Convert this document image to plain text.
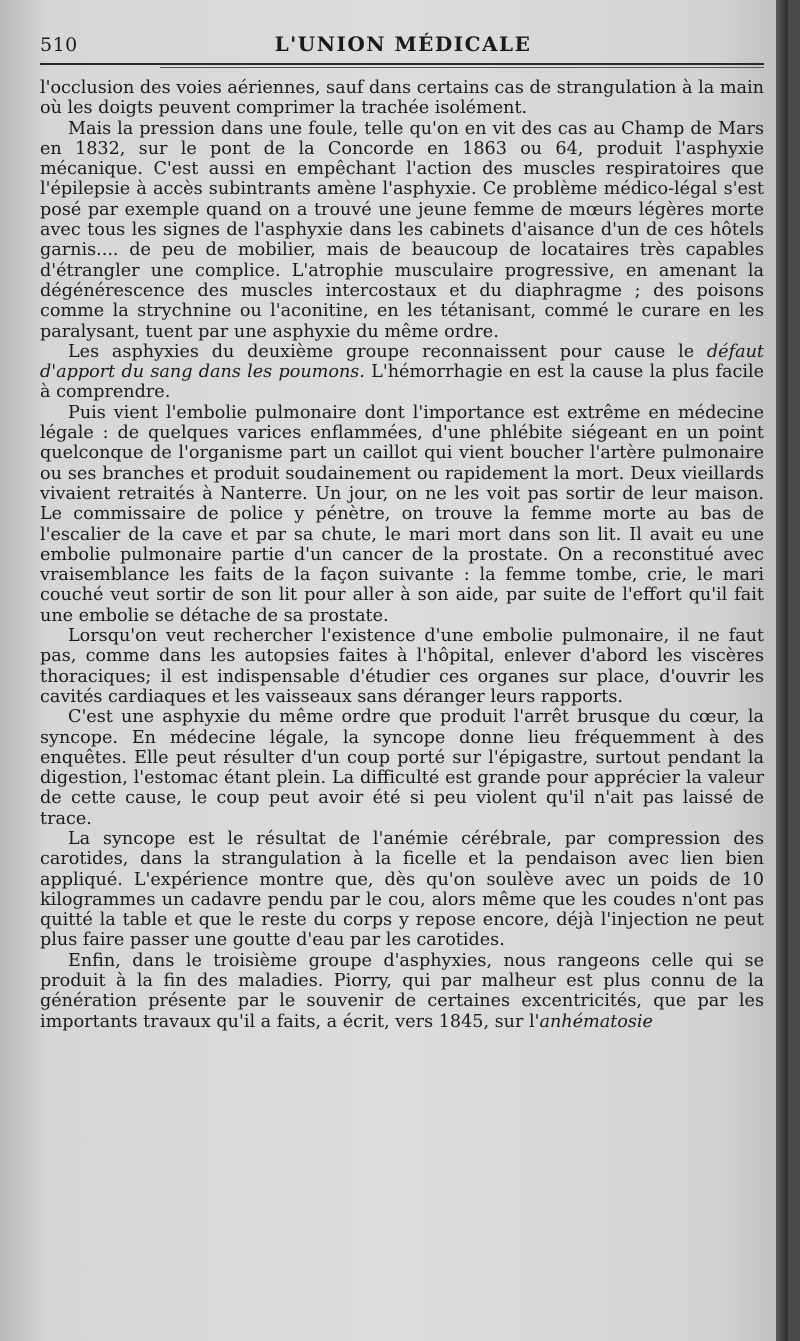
510	L'UNION MÉDICALE

l'occlusion des voies aériennes, sauf dans certains cas de strangulation à la main où les doigts peuvent comprimer la trachée isolément.

Mais la pression dans une foule, telle qu'on en vit des cas au Champ de Mars en 1832, sur le pont de la Concorde en 1863 ou 64, produit l'asphyxie mécanique. C'est aussi en empêchant l'action des muscles respiratoires que l'épilepsie à accès subintrants amène l'asphyxie. Ce problème médico-légal s'est posé par exemple quand on a trouvé une jeune femme de mœurs légères morte avec tous les signes de l'asphyxie dans les cabinets d'aisance d'un de ces hôtels garnis.... de peu de mobilier, mais de beaucoup de locataires très capables d'étrangler une complice. L'atrophie musculaire progressive, en amenant la dégénérescence des muscles intercostaux et du diaphragme ; des poisons comme la strychnine ou l'aconitine, en les tétanisant, commé le curare en les paralysant, tuent par une asphyxie du même ordre.

Les asphyxies du deuxième groupe reconnaissent pour cause le défaut d'apport du sang dans les poumons. L'hémorrhagie en est la cause la plus facile à comprendre.

Puis vient l'embolie pulmonaire dont l'importance est extrême en médecine légale : de quelques varices enflammées, d'une phlébite siégeant en un point quelconque de l'organisme part un caillot qui vient boucher l'artère pulmonaire ou ses branches et produit soudainement ou rapidement la mort. Deux vieillards vivaient retraités à Nanterre. Un jour, on ne les voit pas sortir de leur maison. Le commissaire de police y pénètre, on trouve la femme morte au bas de l'escalier de la cave et par sa chute, le mari mort dans son lit. Il avait eu une embolie pulmonaire partie d'un cancer de la prostate. On a reconstitué avec vraisemblance les faits de la façon suivante : la femme tombe, crie, le mari couché veut sortir de son lit pour aller à son aide, par suite de l'effort qu'il fait une embolie se détache de sa prostate.

Lorsqu'on veut rechercher l'existence d'une embolie pulmonaire, il ne faut pas, comme dans les autopsies faites à l'hôpital, enlever d'abord les viscères thoraciques; il est indispensable d'étudier ces organes sur place, d'ouvrir les cavités cardiaques et les vaisseaux sans déranger leurs rapports.

C'est une asphyxie du même ordre que produit l'arrêt brusque du cœur, la syncope. En médecine légale, la syncope donne lieu fréquemment à des enquêtes. Elle peut résulter d'un coup porté sur l'épigastre, surtout pendant la digestion, l'estomac étant plein. La difficulté est grande pour apprécier la valeur de cette cause, le coup peut avoir été si peu violent qu'il n'ait pas laissé de trace.

La syncope est le résultat de l'anémie cérébrale, par compression des carotides, dans la strangulation à la ficelle et la pendaison avec lien bien appliqué. L'expérience montre que, dès qu'on soulève avec un poids de 10 kilogrammes un cadavre pendu par le cou, alors même que les coudes n'ont pas quitté la table et que le reste du corps y repose encore, déjà l'injection ne peut plus faire passer une goutte d'eau par les carotides.

Enfin, dans le troisième groupe d'asphyxies, nous rangeons celle qui se produit à la fin des maladies. Piorry, qui par malheur est plus connu de la génération présente par le souvenir de certaines excentricités, que par les importants travaux qu'il a faits, a écrit, vers 1845, sur l'anhématosie
